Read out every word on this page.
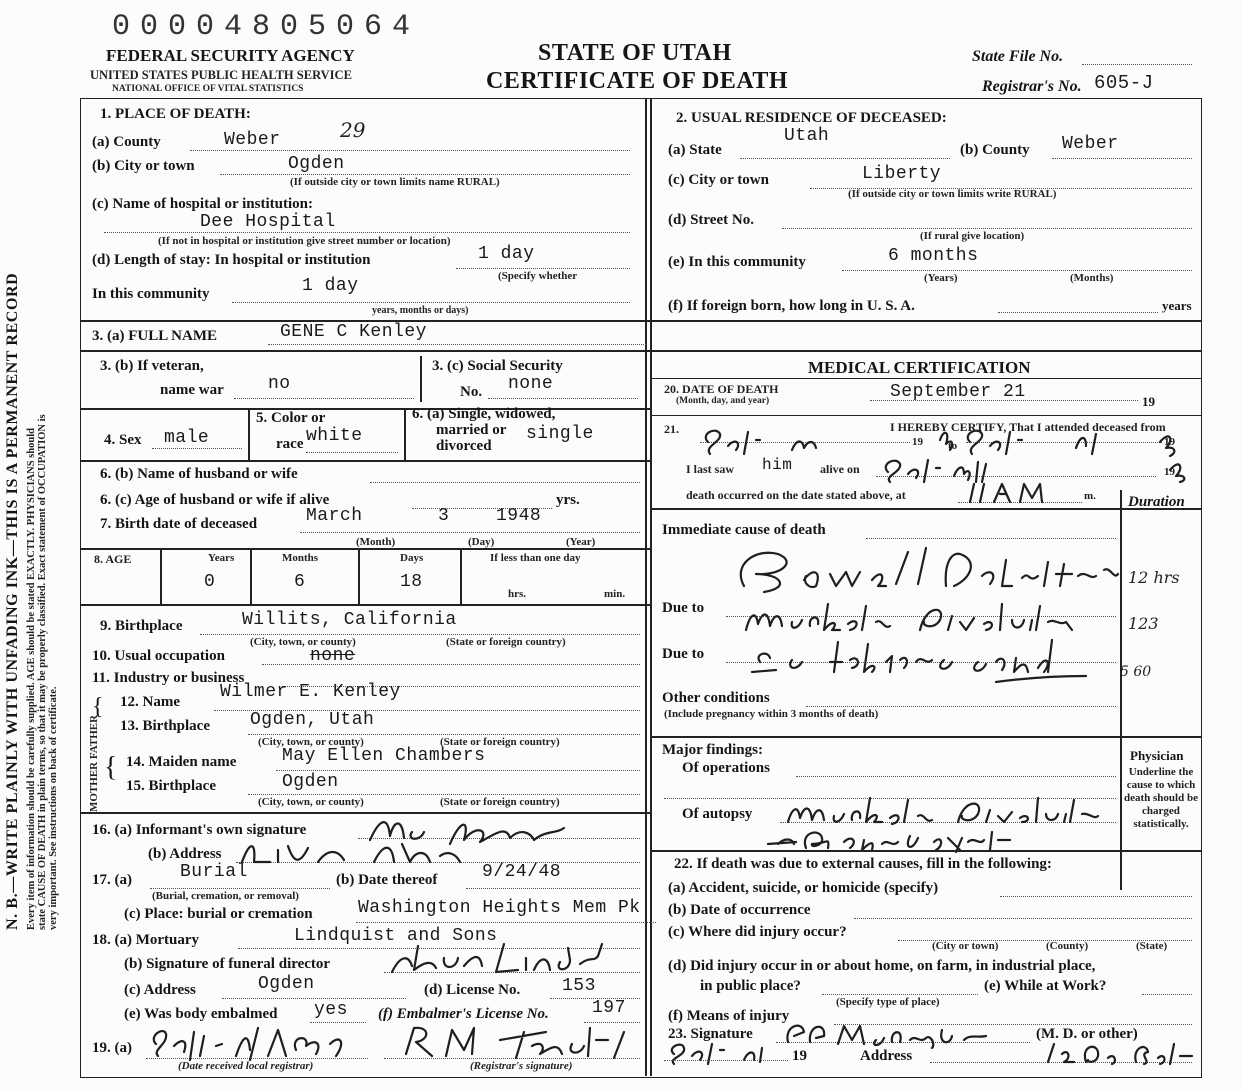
N. B.—WRITE PLAINLY WITH UNFADING INK—THIS IS A PERMANENT RECORD Every item of information should be carefully supplied. AGE should be stated EXACTLY. PHYSICIANS should state CAUSE OF DEATH in plain terms, so that it may be properly classified. Exact statement of OCCUPATION is very important. See instructions on back of certificate.
00004805064
FEDERAL SECURITY AGENCY
UNITED STATES PUBLIC HEALTH SERVICE
NATIONAL OFFICE OF VITAL STATISTICS
STATE OF UTAH
CERTIFICATE OF DEATH
State File No.
Registrar's No. 605-J
1. PLACE OF DEATH:
(a) County	Weber	29
(b) City or town	Ogden
(If outside city or town limits name RURAL)
(c) Name of hospital or institution:
Dee Hospital
(If not in hospital or institution give street number or location)
(d) Length of stay: In hospital or institution	1 day
(Specify whether
In this community	1 day
years, months or days)
2. USUAL RESIDENCE OF DECEASED:
(a) State
Utah
(b) County Weber
(c) City or town	Liberty
(If outside city or town limits write RURAL)
(d) Street No.
(If rural give location)
(e) In this community	6 months
(Years)	(Months)
(f) If foreign born, how long in U. S. A.	years
3. (a) FULL NAME	GENE C Kenley
3. (b) If veteran,
name war no
3. (c) Social Security
No. none
4. Sex male
5. Color or
race white
6. (a) Single, widowed,
married or
divorced
single
6. (b) Name of husband or wife
6. (c) Age of husband or wife if alive	yrs.
7. Birth date of deceased	March	3	1948
(Month)	(Day)	(Year)
8. AGE	Years	Months	Days	If less than one day
hrs.	min.
0	6	18
9. Birthplace	Willits, California
(City, town, or county)	(State or foreign country)
10. Usual occupation	none
11. Industry or business
{ 12. Name Wilmer E. Kenley
13. Birthplace Ogden, Utah
(City, town, or county)	(State or foreign country)
MOTHER FATHER { 14. Maiden name	May Ellen Chambers
15. Birthplace	Ogden
(City, town, or county)	(State or foreign country)
16. (a) Informant's own signature
(b) Address
17. (a)	Burial
(Burial, cremation, or removal)
(b) Date thereof 9/24/48
(c) Place: burial or cremation	Washington Heights Mem Pk
18. (a) Mortuary	Lindquist and Sons
(b) Signature of funeral director
(c) Address	Ogden	(d) License No. 153
(e) Was body embalmed yes (f) Embalmer's License No. 197
19. (a)
(Date received local registrar)	(Registrar's signature)
MEDICAL CERTIFICATION
20. DATE OF DEATH
(Month, day, and year)	September 21	19
21.	I HEREBY CERTIFY, That I attended deceased from
19 to	19
I last saw him alive on	19
death occurred on the date stated above, at	m. Duration
Immediate cause of death
12 hrs
Due to
123
Due to
5 60
Other conditions
(Include pregnancy within 3 months of death)
Major findings:
Of operations
Of autopsy
Physician
Underline the cause to which death should be charged statistically.
22. If death was due to external causes, fill in the following:
(a) Accident, suicide, or homicide (specify)
(b) Date of occurrence
(c) Where did injury occur?
(City or town)	(County)	(State)
(d) Did injury occur in or about home, on farm, in industrial place,
in public place?
(Specify type of place)
(e) While at Work?
(f) Means of injury
23. Signature	(M. D. or other)
19	Address
